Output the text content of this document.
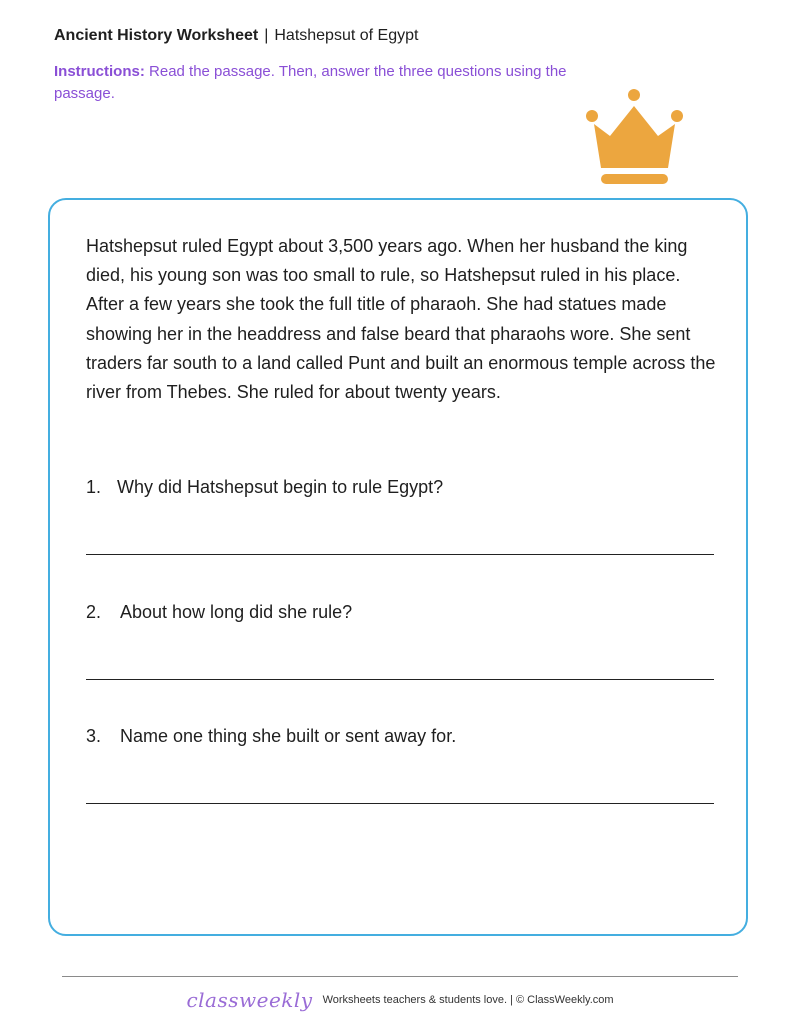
Ancient History Worksheet | Hatshepsut of Egypt
Instructions: Read the passage. Then, answer the three questions using the passage.
Hatshepsut ruled Egypt about 3,500 years ago. When her husband the king died, his young son was too small to rule, so Hatshepsut ruled in his place. After a few years she took the full title of pharaoh. She had statues made showing her in the headdress and false beard that pharaohs wore. She sent traders far south to a land called Punt and built an enormous temple across the river from Thebes. She ruled for about twenty years.
1. Why did Hatshepsut begin to rule Egypt?
2. About how long did she rule?
3. Name one thing she built or sent away for.
classweekly Worksheets teachers & students love. | © ClassWeekly.com
